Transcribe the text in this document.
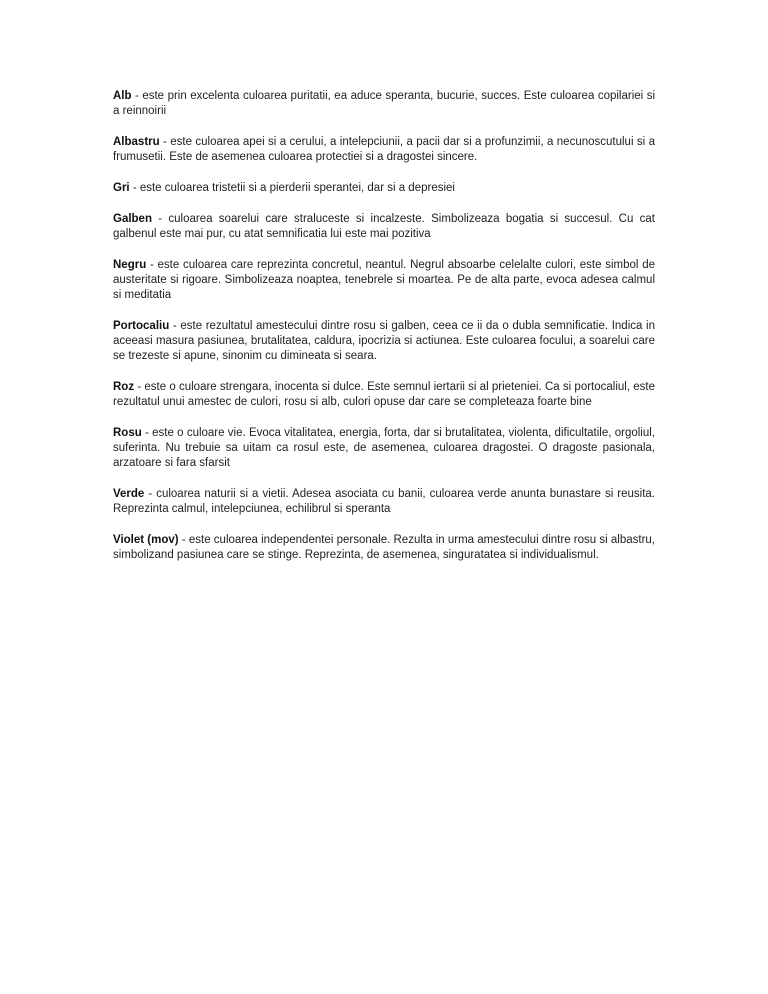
Alb - este prin excelenta culoarea puritatii, ea aduce speranta, bucurie, succes. Este culoarea copilariei si a reinnoirii

Albastru - este culoarea apei si a cerului, a intelepciunii, a pacii dar si a profunzimii, a necunoscutului si a frumusetii. Este de asemenea culoarea protectiei si a dragostei sincere.

Gri - este culoarea tristetii si a pierderii sperantei, dar si a depresiei

Galben - culoarea soarelui care straluceste si incalzeste. Simbolizeaza bogatia si succesul. Cu cat galbenul este mai pur, cu atat semnificatia lui este mai pozitiva

Negru - este culoarea care reprezinta concretul, neantul. Negrul absoarbe celelalte culori, este simbol de austeritate si rigoare. Simbolizeaza noaptea, tenebrele si moartea. Pe de alta parte, evoca adesea calmul si meditatia

Portocaliu - este rezultatul amestecului dintre rosu si galben, ceea ce ii da o dubla semnificatie. Indica in aceeasi masura pasiunea, brutalitatea, caldura, ipocrizia si actiunea. Este culoarea focului, a soarelui care se trezeste si apune, sinonim cu dimineata si seara.

Roz - este o culoare strengara, inocenta si dulce. Este semnul iertarii si al prieteniei. Ca si portocaliul, este rezultatul unui amestec de culori, rosu si alb, culori opuse dar care se completeaza foarte bine

Rosu - este o culoare vie. Evoca vitalitatea, energia, forta, dar si brutalitatea, violenta, dificultatile, orgoliul, suferinta. Nu trebuie sa uitam ca rosul este, de asemenea, culoarea dragostei. O dragoste pasionala, arzatoare si fara sfarsit

Verde - culoarea naturii si a vietii. Adesea asociata cu banii, culoarea verde anunta bunastare si reusita. Reprezinta calmul, intelepciunea, echilibrul si speranta

Violet (mov) - este culoarea independentei personale. Rezulta in urma amestecului dintre rosu si albastru, simbolizand pasiunea care se stinge. Reprezinta, de asemenea, singuratatea si individualismul.
